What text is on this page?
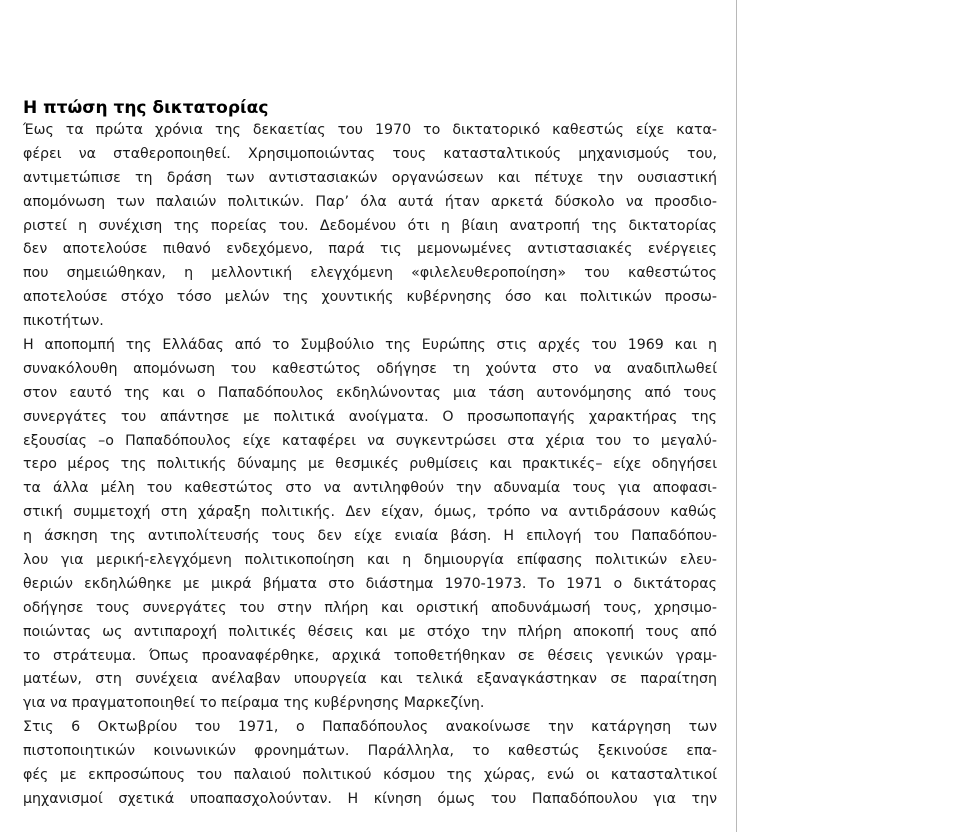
Η πτώση της δικτατορίας
Έως τα πρώτα χρόνια της δεκαετίας του 1970 το δικτατορικό καθεστώς είχε κατα-
φέρει να σταθεροποιηθεί. Χρησιμοποιώντας τους κατασταλτικούς μηχανισμούς του,
αντιμετώπισε τη δράση των αντιστασιακών οργανώσεων και πέτυχε την ουσιαστική
απομόνωση των παλαιών πολιτικών. Παρ’ όλα αυτά ήταν αρκετά δύσκολο να προσδιο-
ριστεί η συνέχιση της πορείας του. Δεδομένου ότι η βίαιη ανατροπή της δικτατορίας
δεν αποτελούσε πιθανό ενδεχόμενο, παρά τις μεμονωμένες αντιστασιακές ενέργειες
που σημειώθηκαν, η μελλοντική ελεγχόμενη «φιλελευθεροποίηση» του καθεστώτος
αποτελούσε στόχο τόσο μελών της χουντικής κυβέρνησης όσο και πολιτικών προσω-
πικοτήτων.
Η αποπομπή της Ελλάδας από το Συμβούλιο της Ευρώπης στις αρχές του 1969 και η
συνακόλουθη απομόνωση του καθεστώτος οδήγησε τη χούντα στο να αναδιπλωθεί
στον εαυτό της και ο Παπαδόπουλος εκδηλώνοντας μια τάση αυτονόμησης από τους
συνεργάτες του απάντησε με πολιτικά ανοίγματα. Ο προσωποπαγής χαρακτήρας της
εξουσίας –ο Παπαδόπουλος είχε καταφέρει να συγκεντρώσει στα χέρια του το μεγαλύ-
τερο μέρος της πολιτικής δύναμης με θεσμικές ρυθμίσεις και πρακτικές– είχε οδηγήσει
τα άλλα μέλη του καθεστώτος στο να αντιληφθούν την αδυναμία τους για αποφασι-
στική συμμετοχή στη χάραξη πολιτικής. Δεν είχαν, όμως, τρόπο να αντιδράσουν καθώς
η άσκηση της αντιπολίτευσής τους δεν είχε ενιαία βάση. Η επιλογή του Παπαδόπου-
λου για μερική-ελεγχόμενη πολιτικοποίηση και η δημιουργία επίφασης πολιτικών ελευ-
θεριών εκδηλώθηκε με μικρά βήματα στο διάστημα 1970-1973. Το 1971 ο δικτάτορας
οδήγησε τους συνεργάτες του στην πλήρη και οριστική αποδυνάμωσή τους, χρησιμο-
ποιώντας ως αντιπαροχή πολιτικές θέσεις και με στόχο την πλήρη αποκοπή τους από
το στράτευμα. Όπως προαναφέρθηκε, αρχικά τοποθετήθηκαν σε θέσεις γενικών γραμ-
ματέων, στη συνέχεια ανέλαβαν υπουργεία και τελικά εξαναγκάστηκαν σε παραίτηση
για να πραγματοποιηθεί το πείραμα της κυβέρνησης Μαρκεζίνη.
Στις 6 Οκτωβρίου του 1971, ο Παπαδόπουλος ανακοίνωσε την κατάργηση των
πιστοποιητικών κοινωνικών φρονημάτων. Παράλληλα, το καθεστώς ξεκινούσε επα-
φές με εκπροσώπους του παλαιού πολιτικού κόσμου της χώρας, ενώ οι κατασταλτικοί
μηχανισμοί σχετικά υποαπασχολούνταν. Η κίνηση όμως του Παπαδόπουλου για την
